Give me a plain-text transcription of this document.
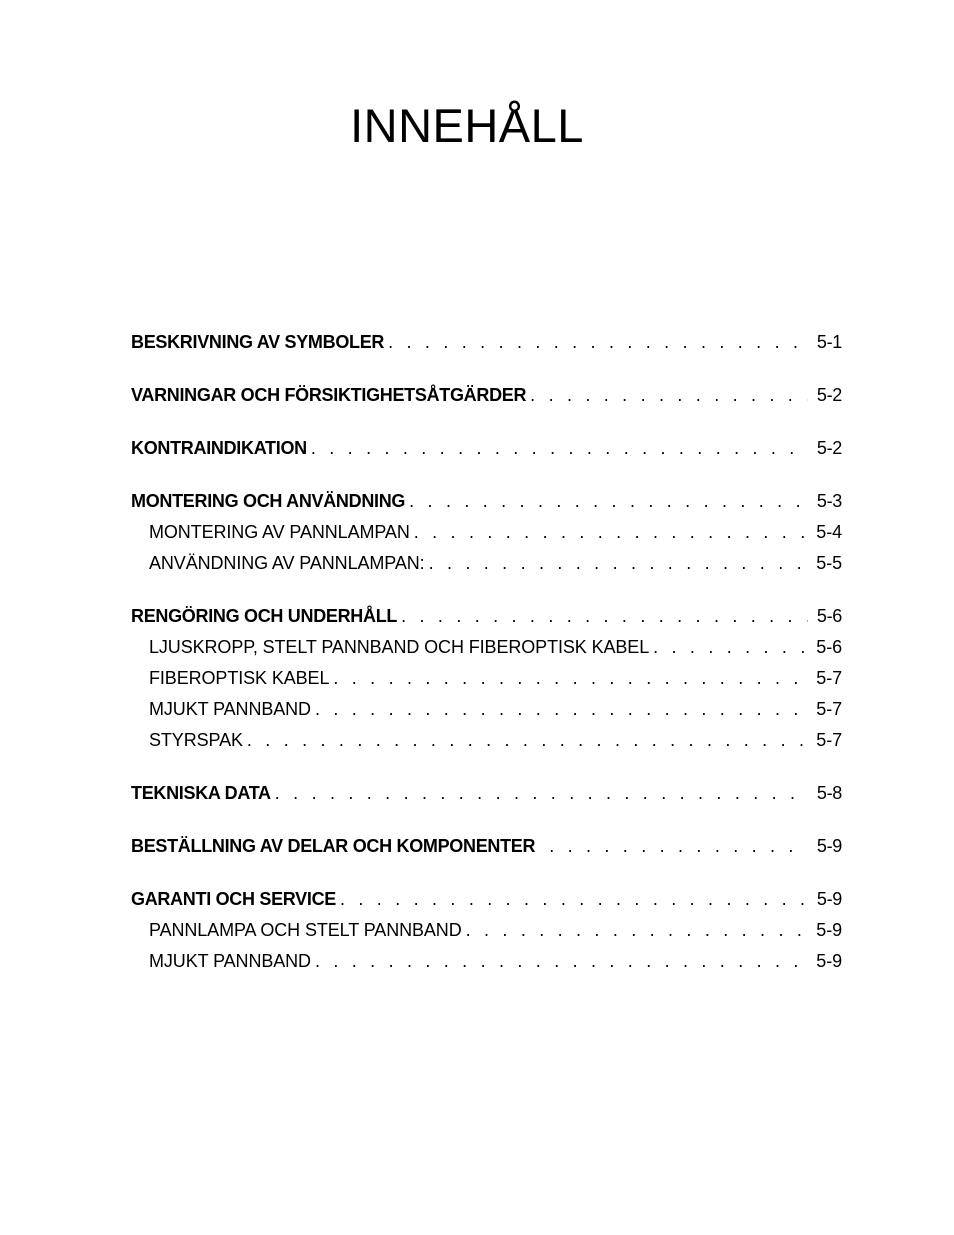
INNEHÅLL
BESKRIVNING AV SYMBOLER . . .	5-1
VARNINGAR OCH FÖRSIKTIGHETSÅTGÄRDER . . .	5-2
KONTRAINDIKATION . . .	5-2
MONTERING OCH ANVÄNDNING . . .	5-3
MONTERING AV PANNLAMPAN . . .	5-4
ANVÄNDNING AV PANNLAMPAN: . . .	5-5
RENGÖRING OCH UNDERHÅLL . . .	5-6
LJUSKROPP, STELT PANNBAND OCH FIBEROPTISK KABEL . . .	5-6
FIBEROPTISK KABEL . . .	5-7
MJUKT PANNBAND . . .	5-7
STYRSPAK . . .	5-7
TEKNISKA DATA . . .	5-8
BESTÄLLNING AV DELAR OCH KOMPONENTER . . .	5-9
GARANTI OCH SERVICE . . .	5-9
PANNLAMPA OCH STELT PANNBAND . . .	5-9
MJUKT PANNBAND . . .	5-9
